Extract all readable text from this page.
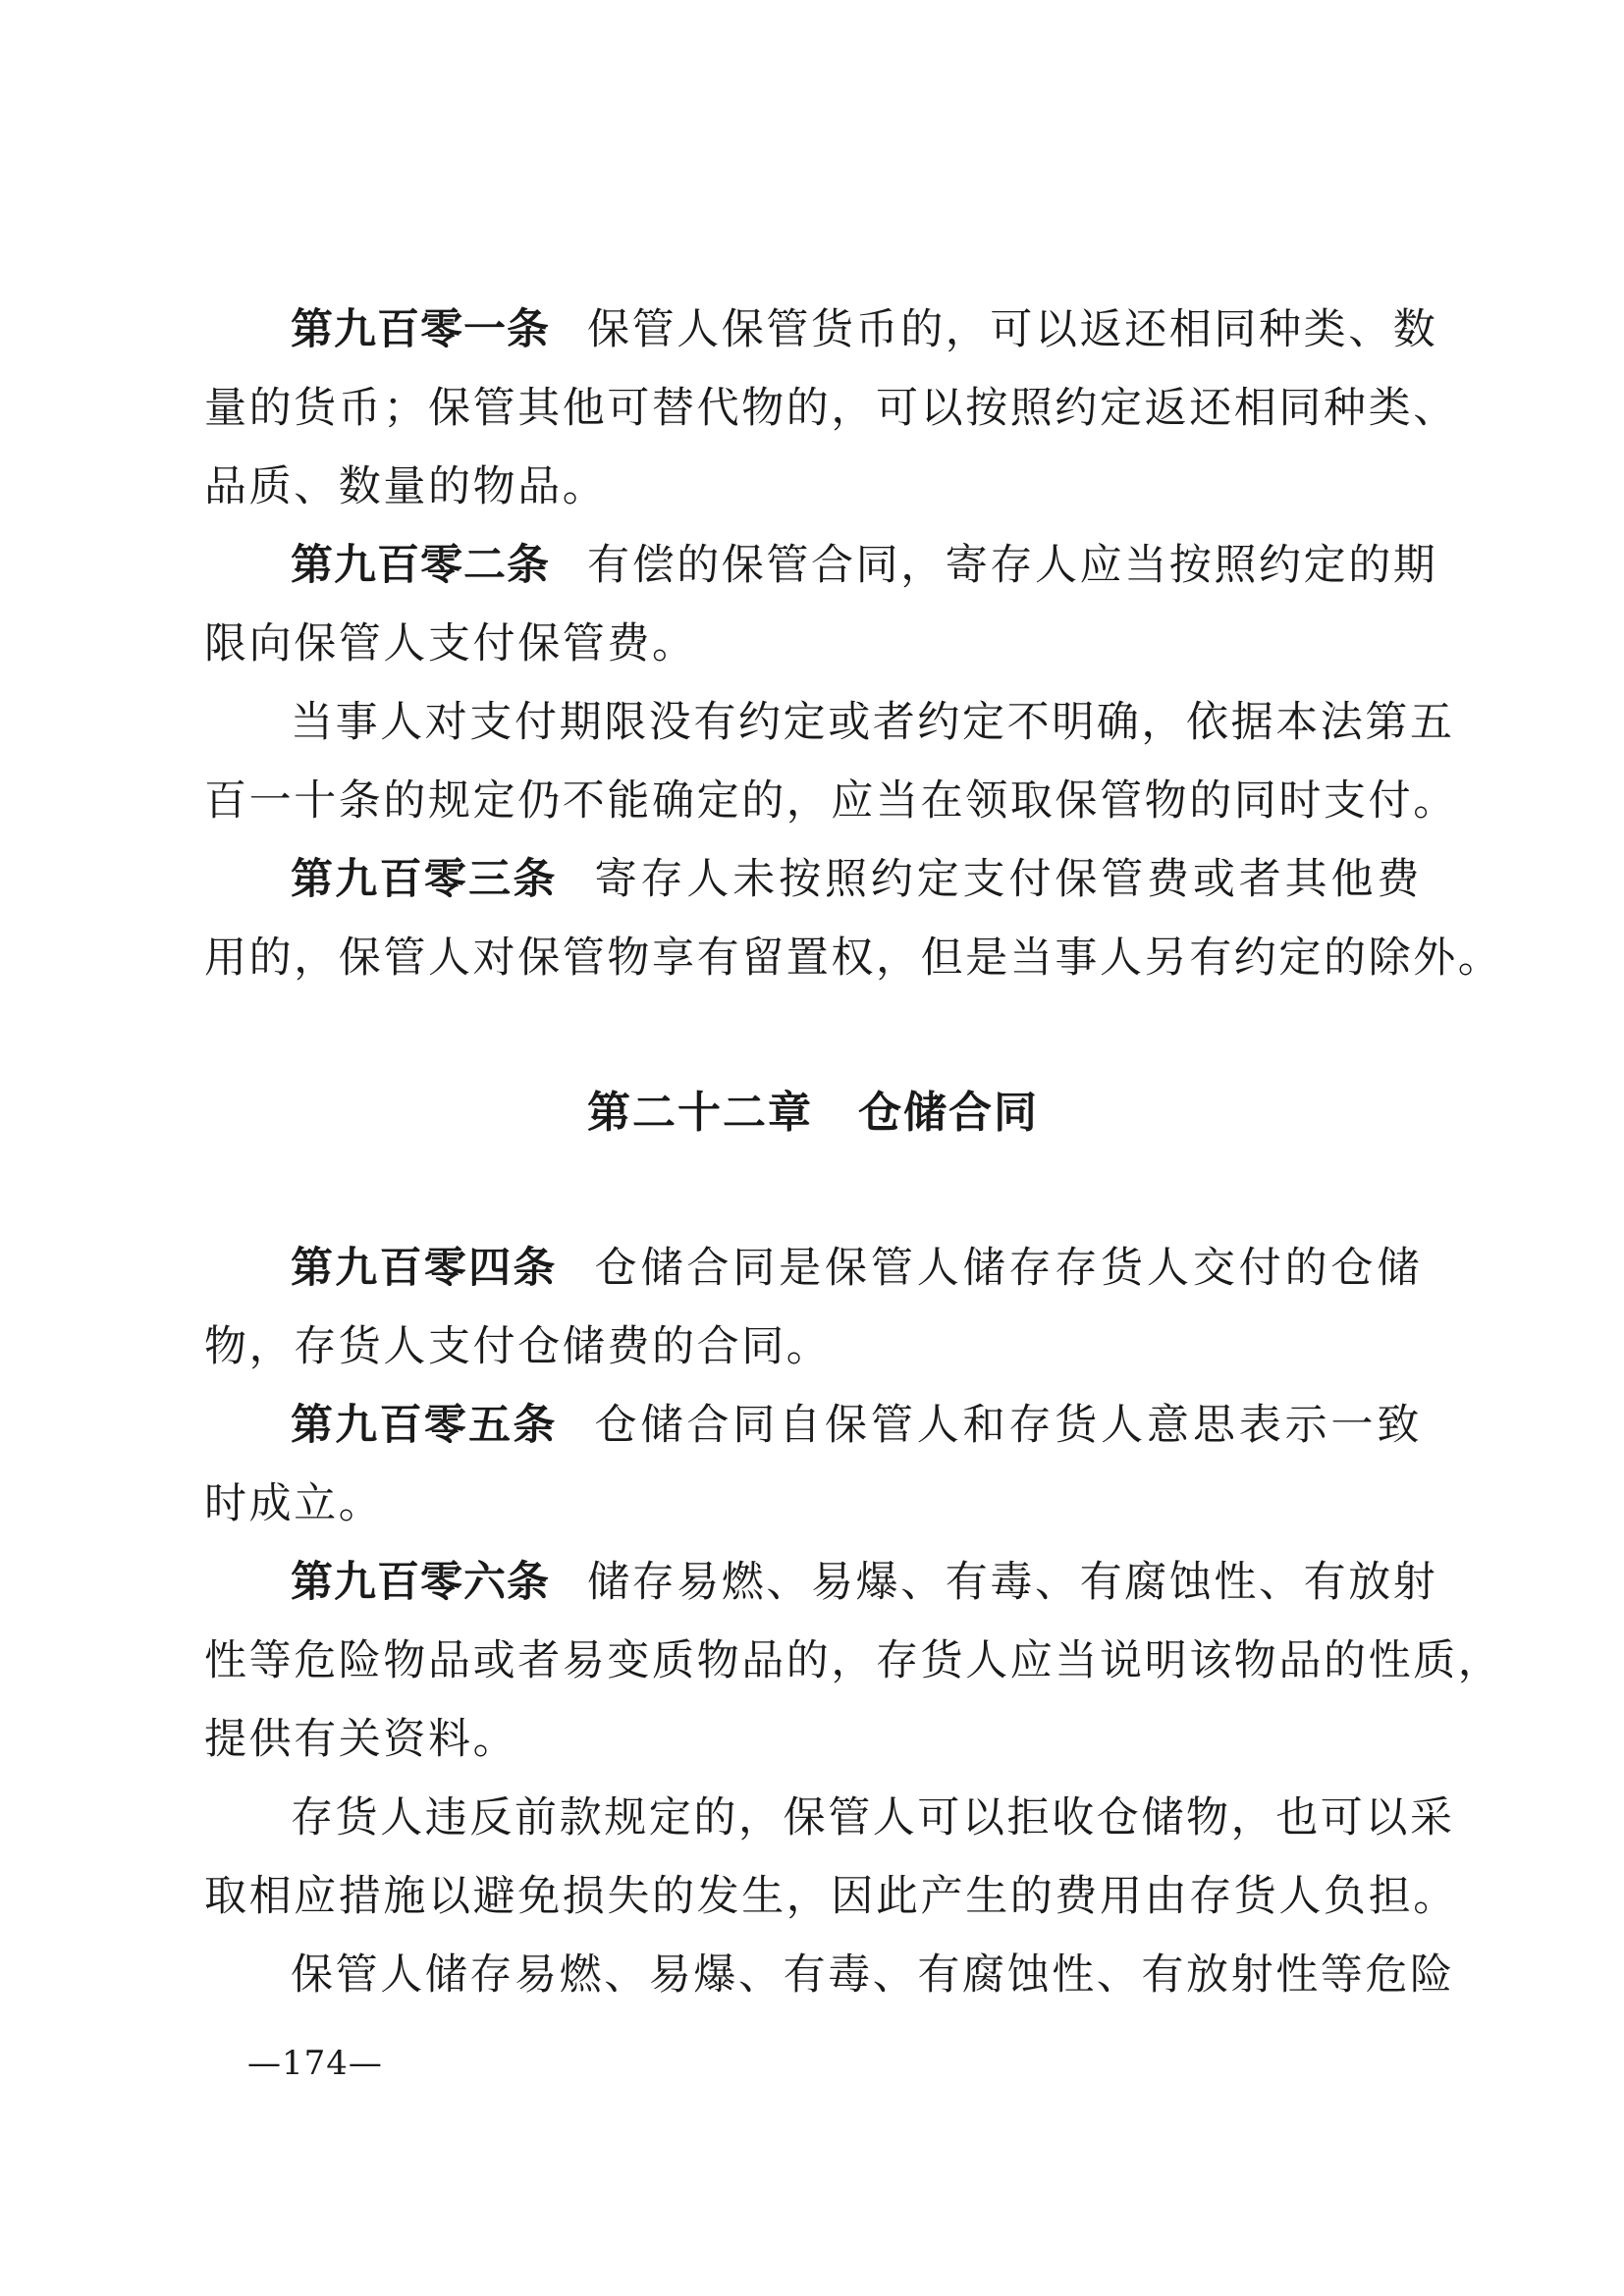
第九百零一条 保管人保管货币的，可以返还相同种类、数
量的货币；保管其他可替代物的，可以按照约定返还相同种类、
品质、数量的物品。
第九百零二条 有偿的保管合同，寄存人应当按照约定的期
限向保管人支付保管费。
当事人对支付期限没有约定或者约定不明确，依据本法第五
百一十条的规定仍不能确定的，应当在领取保管物的同时支付。
第九百零三条 寄存人未按照约定支付保管费或者其他费
用的，保管人对保管物享有留置权，但是当事人另有约定的除外。
第二十二章　仓储合同
第九百零四条 仓储合同是保管人储存存货人交付的仓储
物，存货人支付仓储费的合同。
第九百零五条 仓储合同自保管人和存货人意思表示一致
时成立。
第九百零六条 储存易燃、易爆、有毒、有腐蚀性、有放射
性等危险物品或者易变质物品的，存货人应当说明该物品的性质，
提供有关资料。
存货人违反前款规定的，保管人可以拒收仓储物，也可以采
取相应措施以避免损失的发生，因此产生的费用由存货人负担。
保管人储存易燃、易爆、有毒、有腐蚀性、有放射性等危险
—174—
